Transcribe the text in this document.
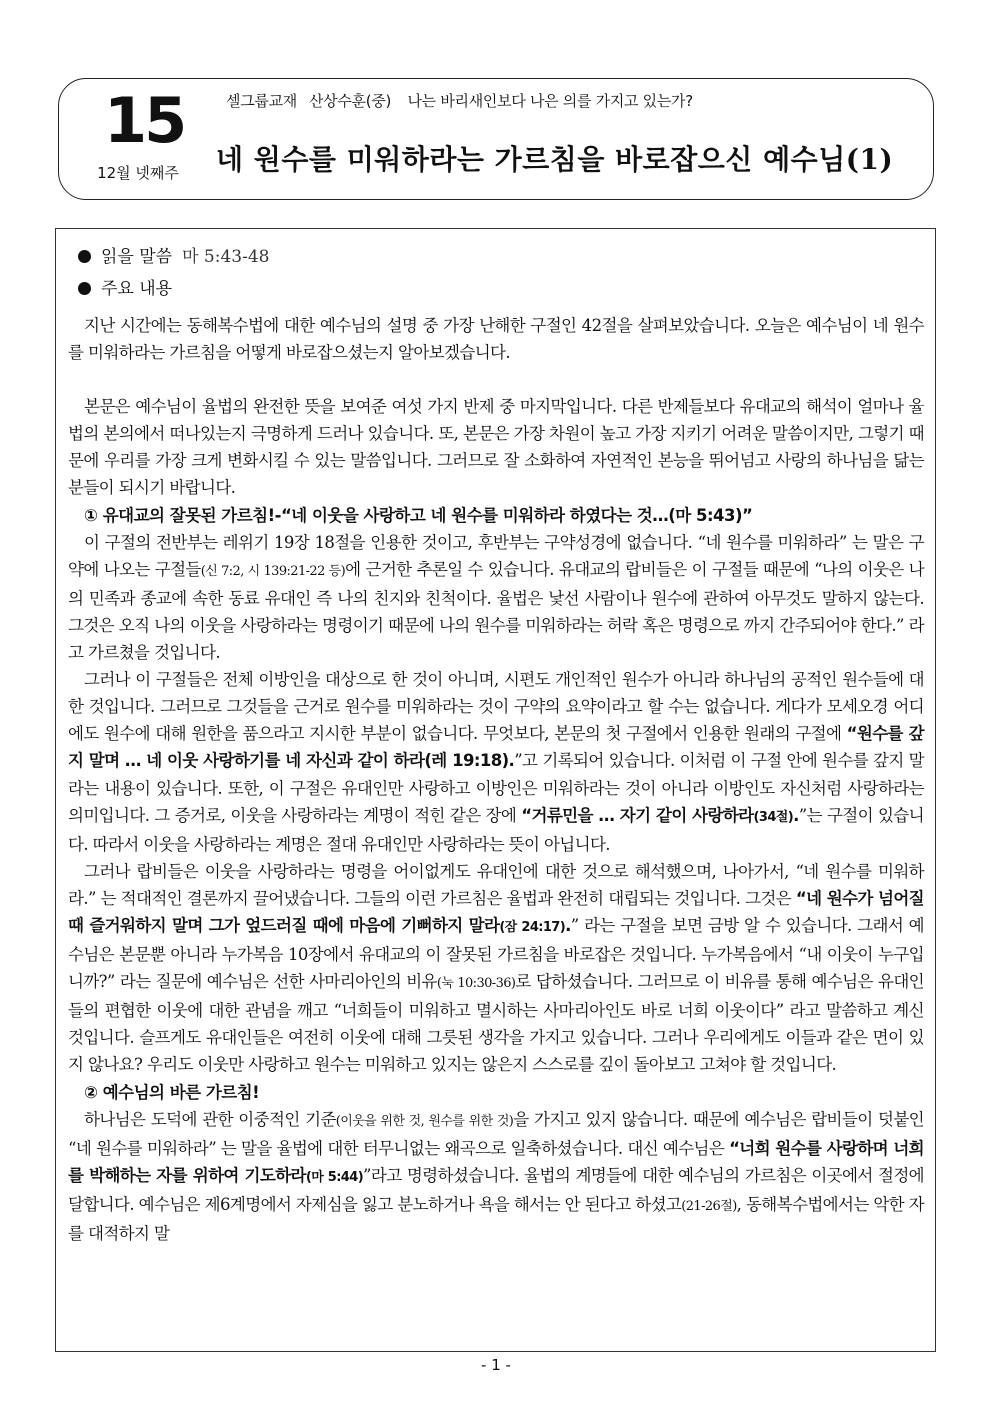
15
12월 넷째주
셀그룹교재 산상수훈(중) 나는 바리새인보다 나은 의를 가지고 있는가?
네 원수를 미워하라는 가르침을 바로잡으신 예수님(1)
읽을 말씀 마 5:43-48
주요 내용

지난 시간에는 동해복수법에 대한 예수님의 설명 중 가장 난해한 구절인 42절을 살펴보았습니다. 오늘은 예수님이 네 원수를 미워하라는 가르침을 어떻게 바로잡으셨는지 알아보겠습니다.

본문은 예수님이 율법의 완전한 뜻을 보여준 여섯 가지 반제 중 마지막입니다. 다른 반제들보다 유대교의 해석이 얼마나 율법의 본의에서 떠나있는지 극명하게 드러나 있습니다. 또, 본문은 가장 차원이 높고 가장 지키기 어려운 말씀이지만, 그렇기 때문에 우리를 가장 크게 변화시킬 수 있는 말씀입니다. 그러므로 잘 소화하여 자연적인 본능을 뛰어넘고 사랑의 하나님을 닮는 분들이 되시기 바랍니다.

① 유대교의 잘못된 가르침!-“네 이웃을 사랑하고 네 원수를 미워하라 하였다는 것…(마 5:43)”

이 구절의 전반부는 레위기 19장 18절을 인용한 것이고, 후반부는 구약성경에 없습니다. “네 원수를 미워하라” 는 말은 구약에 나오는 구절들(신 7:2, 시 139:21-22 등)에 근거한 추론일 수 있습니다. 유대교의 랍비들은 이 구절들 때문에 “나의 이웃은 나의 민족과 종교에 속한 동료 유대인 즉 나의 친지와 친척이다. 율법은 낯선 사람이나 원수에 관하여 아무것도 말하지 않는다. 그것은 오직 나의 이웃을 사랑하라는 명령이기 때문에 나의 원수를 미워하라는 허락 혹은 명령으로 까지 간주되어야 한다.” 라고 가르쳤을 것입니다.

그러나 이 구절들은 전체 이방인을 대상으로 한 것이 아니며, 시편도 개인적인 원수가 아니라 하나님의 공적인 원수들에 대한 것입니다. 그러므로 그것들을 근거로 원수를 미워하라는 것이 구약의 요약이라고 할 수는 없습니다. 게다가 모세오경 어디에도 원수에 대해 원한을 품으라고 지시한 부분이 없습니다. 무엇보다, 본문의 첫 구절에서 인용한 원래의 구절에 “원수를 갚지 말며 … 네 이웃 사랑하기를 네 자신과 같이 하라(레 19:18).”고 기록되어 있습니다. 이처럼 이 구절 안에 원수를 갚지 말라는 내용이 있습니다. 또한, 이 구절은 유대인만 사랑하고 이방인은 미워하라는 것이 아니라 이방인도 자신처럼 사랑하라는 의미입니다. 그 증거로, 이웃을 사랑하라는 계명이 적힌 같은 장에 “거류민을 … 자기 같이 사랑하라(34절).”는 구절이 있습니다. 따라서 이웃을 사랑하라는 계명은 절대 유대인만 사랑하라는 뜻이 아닙니다.

그러나 랍비들은 이웃을 사랑하라는 명령을 어이없게도 유대인에 대한 것으로 해석했으며, 나아가서, “네 원수를 미워하라.” 는 적대적인 결론까지 끌어냈습니다. 그들의 이런 가르침은 율법과 완전히 대립되는 것입니다. 그것은 “네 원수가 넘어질 때 즐거워하지 말며 그가 엎드러질 때에 마음에 기뻐하지 말라(잠 24:17).” 라는 구절을 보면 금방 알 수 있습니다. 그래서 예수님은 본문뿐 아니라 누가복음 10장에서 유대교의 이 잘못된 가르침을 바로잡은 것입니다. 누가복음에서 “내 이웃이 누구입니까?” 라는 질문에 예수님은 선한 사마리아인의 비유(눅 10:30-36)로 답하셨습니다. 그러므로 이 비유를 통해 예수님은 유대인들의 편협한 이웃에 대한 관념을 깨고 “너희들이 미워하고 멸시하는 사마리아인도 바로 너희 이웃이다” 라고 말씀하고 계신 것입니다. 슬프게도 유대인들은 여전히 이웃에 대해 그릇된 생각을 가지고 있습니다. 그러나 우리에게도 이들과 같은 면이 있지 않나요? 우리도 이웃만 사랑하고 원수는 미워하고 있지는 않은지 스스로를 깊이 돌아보고 고쳐야 할 것입니다.

② 예수님의 바른 가르침!

하나님은 도덕에 관한 이중적인 기준(이웃을 위한 것, 원수를 위한 것)을 가지고 있지 않습니다. 때문에 예수님은 랍비들이 덧붙인 “네 원수를 미워하라” 는 말을 율법에 대한 터무니없는 왜곡으로 일축하셨습니다. 대신 예수님은 “너희 원수를 사랑하며 너희를 박해하는 자를 위하여 기도하라(마 5:44)”라고 명령하셨습니다. 율법의 계명들에 대한 예수님의 가르침은 이곳에서 절정에 달합니다. 예수님은 제6계명에서 자제심을 잃고 분노하거나 욕을 해서는 안 된다고 하셨고(21-26절), 동해복수법에서는 악한 자를 대적하지 말

- 1 -
